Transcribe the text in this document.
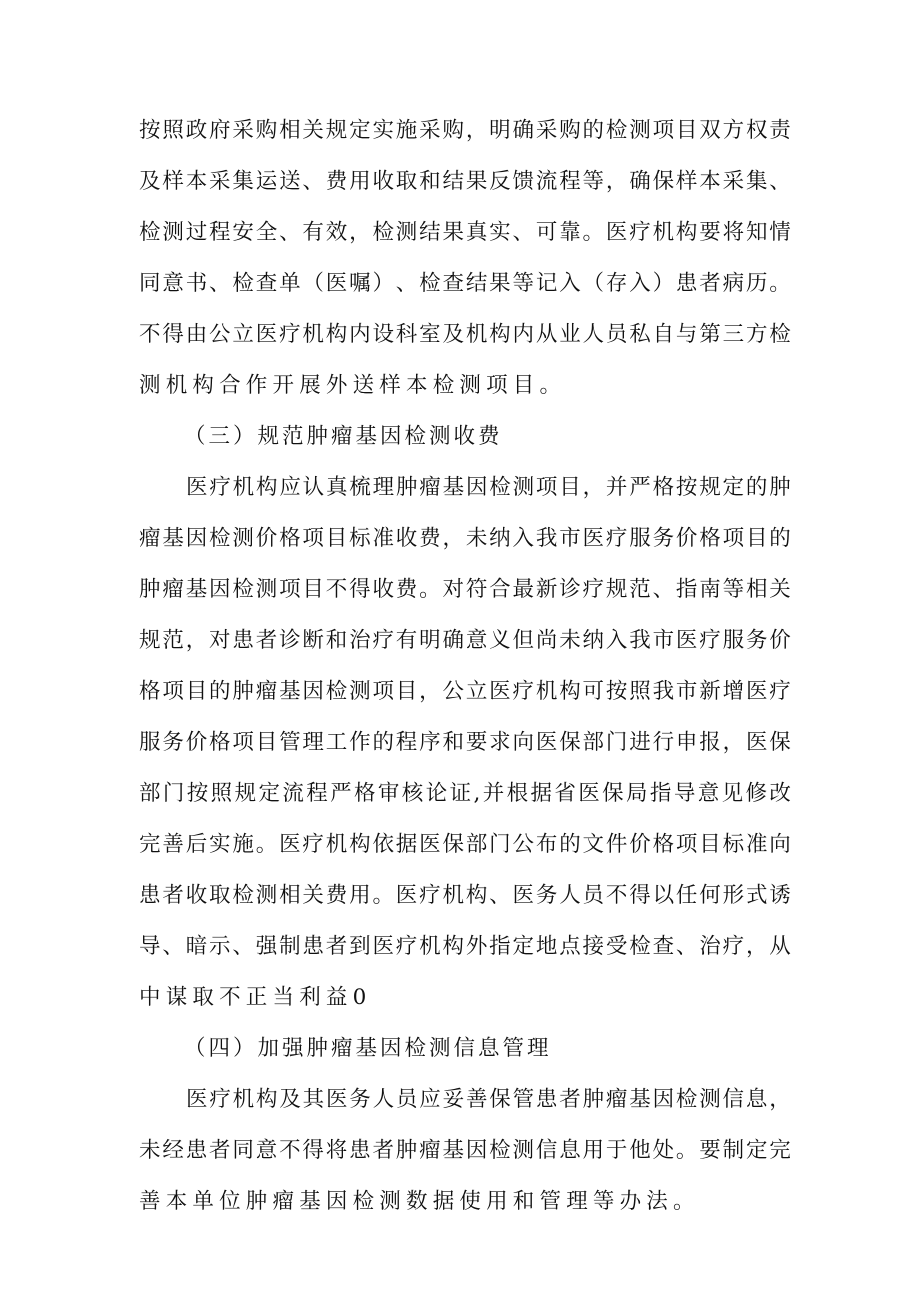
按 照 政 府 采 购 相 关 规 定 实 施 采 购 ， 明 确 采 购 的 检 测 项 目 双 方 权 责
及 样 本 采 集 运 送 、 费 用 收 取 和 结 果 反 馈 流 程 等 ， 确 保 样 本 采 集 、
检 测 过 程 安 全 、 有 效 ， 检 测 结 果 真 实 、 可 靠 。 医 疗 机 构 要 将 知 情
同 意 书 、 检 查 单 （ 医 嘱 ） 、 检 查 结 果 等 记 入 （ 存 入 ） 患 者 病 历 。
不 得 由 公 立 医 疗 机 构 内 设 科 室 及 机 构 内 从 业 人 员 私 自 与 第 三 方 检
测机构合作开展外送样本检测项目。
（三）规范肿瘤基因检测收费
医 疗 机 构 应 认 真 梳 理 肿 瘤 基 因 检 测 项 目 ， 并 严 格 按 规 定 的 肿
瘤 基 因 检 测 价 格 项 目 标 准 收 费 ， 未 纳 入 我 市 医 疗 服 务 价 格 项 目 的
肿 瘤 基 因 检 测 项 目 不 得 收 费 。 对 符 合 最 新 诊 疗 规 范 、 指 南 等 相 关
规 范 ， 对 患 者 诊 断 和 治 疗 有 明 确 意 义 但 尚 未 纳 入 我 市 医 疗 服 务 价
格 项 目 的 肿 瘤 基 因 检 测 项 目 ， 公 立 医 疗 机 构 可 按 照 我 市 新 增 医 疗
服 务 价 格 项 目 管 理 工 作 的 程 序 和 要 求 向 医 保 部 门 进 行 申 报 ， 医 保
部 门 按 照 规 定 流 程 严 格 审 核 论 证 , 并 根 据 省 医 保 局 指 导 意 见 修 改
完 善 后 实 施 。 医 疗 机 构 依 据 医 保 部 门 公 布 的 文 件 价 格 项 目 标 准 向
患 者 收 取 检 测 相 关 费 用 。 医 疗 机 构 、 医 务 人 员 不 得 以 任 何 形 式 诱
导 、 暗 示 、 强 制 患 者 到 医 疗 机 构 外 指 定 地 点 接 受 检 查 、 治 疗 ， 从
中谋取不正当利益0
（四）加强肿瘤基因检测信息管理
医 疗 机 构 及 其 医 务 人 员 应 妥 善 保 管 患 者 肿 瘤 基 因 检 测 信 息 ，
未 经 患 者 同 意 不 得 将 患 者 肿 瘤 基 因 检 测 信 息 用 于 他 处 。 要 制 定 完
善本单位肿瘤基因检测数据使用和管理等办法。
